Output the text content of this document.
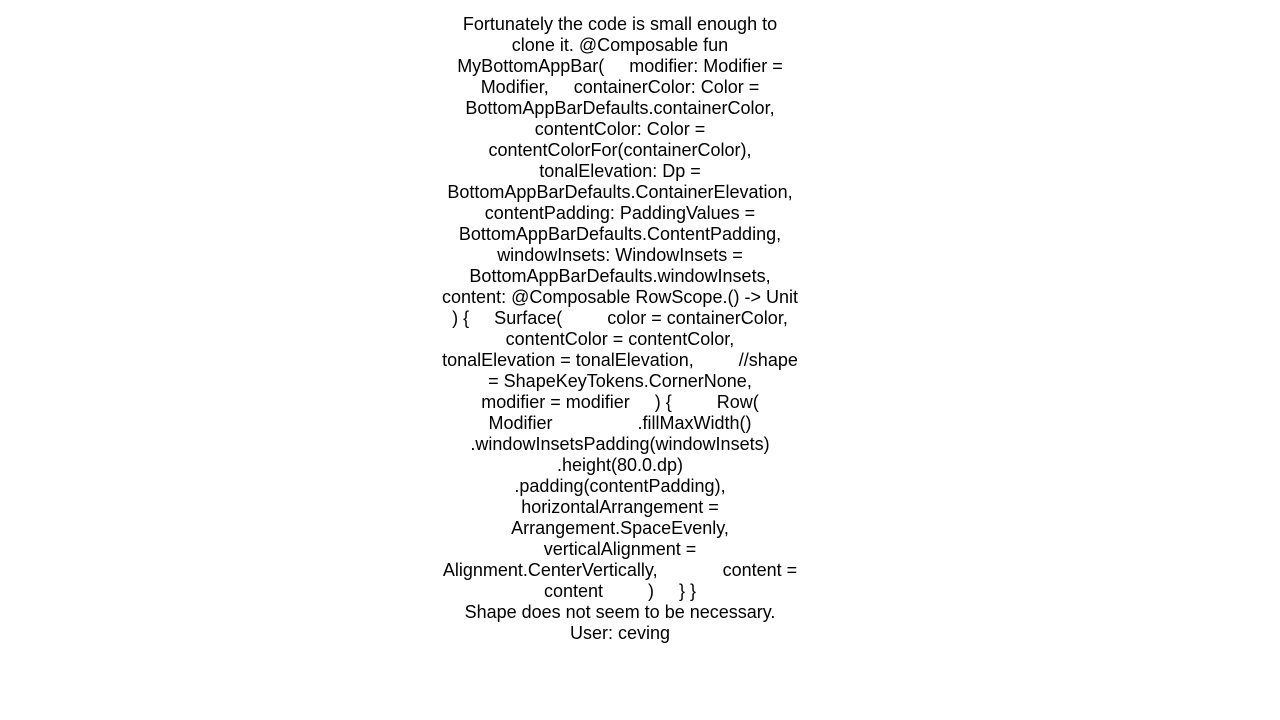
Fortunately the code is small enough to clone it. @Composable fun MyBottomAppBar(     modifier: Modifier = Modifier,     containerColor: Color = BottomAppBarDefaults.containerColor,     contentColor: Color = contentColorFor(containerColor),     tonalElevation: Dp = BottomAppBarDefaults.ContainerElevation,     contentPadding: PaddingValues = BottomAppBarDefaults.ContentPadding,     windowInsets: WindowInsets = BottomAppBarDefaults.windowInsets,     content: @Composable RowScope.() -> Unit ) {     Surface(         color = containerColor,         contentColor = contentColor,         tonalElevation = tonalElevation,         //shape = ShapeKeyTokens.CornerNone,         modifier = modifier     ) {         Row(             Modifier                 .fillMaxWidth()                 .windowInsetsPadding(windowInsets)                 .height(80.0.dp)                 .padding(contentPadding),             horizontalArrangement = Arrangement.SpaceEvenly,             verticalAlignment = Alignment.CenterVertically,             content = content         )     } }
Shape does not seem to be necessary.
User: ceving
